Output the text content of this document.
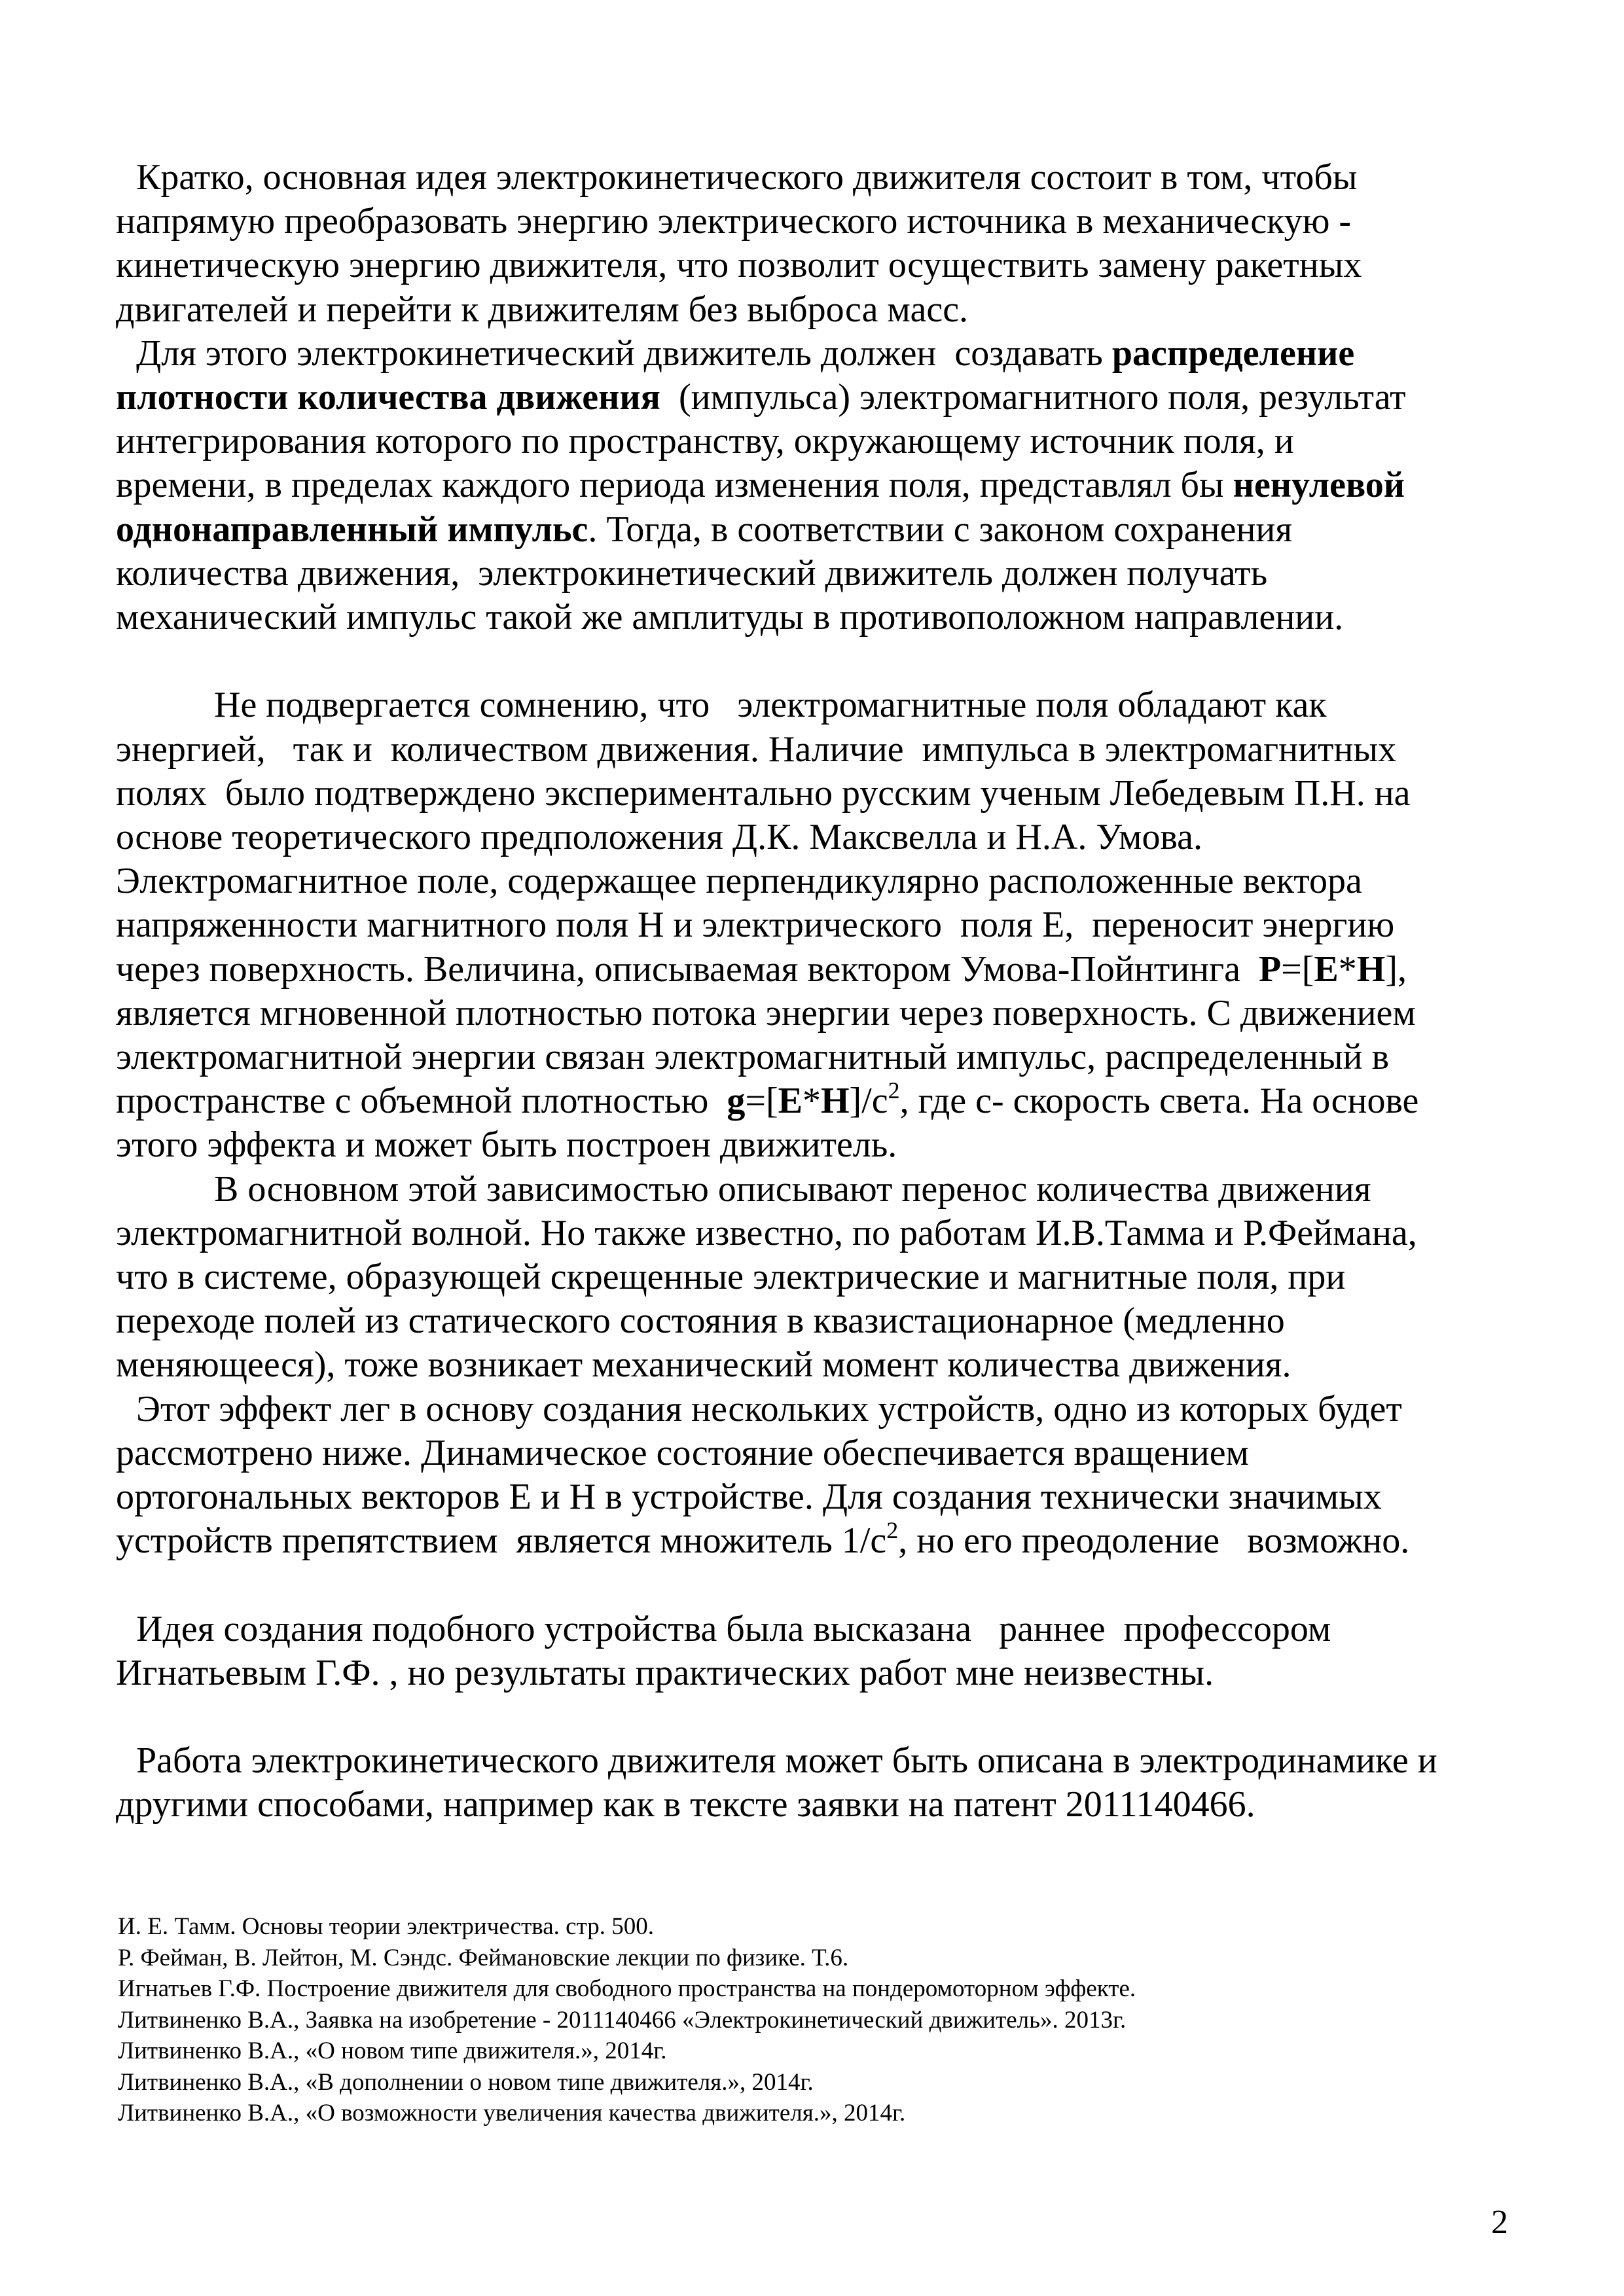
Кратко, основная идея электрокинетического движителя состоит в том, чтобы
напрямую преобразовать энергию электрического источника в механическую -
кинетическую энергию движителя, что позволит осуществить замену ракетных
двигателей и перейти к движителям без выброса масс.
Для этого электрокинетический движитель должен  создавать распределение
плотности количества движения  (импульса) электромагнитного поля, результат
интегрирования которого по пространству, окружающему источник поля, и
времени, в пределах каждого периода изменения поля, представлял бы ненулевой
однонаправленный импульс. Тогда, в соответствии с законом сохранения
количества движения,  электрокинетический движитель должен получать
механический импульс такой же амплитуды в противоположном направлении.
Не подвергается сомнению, что   электромагнитные поля обладают как
энергией,   так и  количеством движения. Наличие  импульса в электромагнитных
полях  было подтверждено экспериментально русским ученым Лебедевым П.Н. на
основе теоретического предположения Д.К. Максвелла и Н.А. Умова.
Электромагнитное поле, содержащее перпендикулярно расположенные вектора
напряженности магнитного поля Н и электрического  поля Е,  переносит энергию
через поверхность. Величина, описываемая вектором Умова-Пойнтинга  P=[E*H],
является мгновенной плотностью потока энергии через поверхность. С движением
электромагнитной энергии связан электромагнитный импульс, распределенный в
пространстве с объемной плотностью  $g=[E*H]/c^2$, где с- скорость света. На основе
этого эффекта и может быть построен движитель.
В основном этой зависимостью описывают перенос количества движения
электромагнитной волной. Но также известно, по работам И.В.Тамма и Р.Феймана,
что в системе, образующей скрещенные электрические и магнитные поля, при
переходе полей из статического состояния в квазистационарное (медленно
меняющееся), тоже возникает механический момент количества движения.
Этот эффект лег в основу создания нескольких устройств, одно из которых будет
рассмотрено ниже. Динамическое состояние обеспечивается вращением
ортогональных векторов Е и Н в устройстве. Для создания технически значимых
устройств препятствием  является множитель $1/с^2$, но его преодоление   возможно.
Идея создания подобного устройства была высказана   раннее  профессором
Игнатьевым Г.Ф. , но результаты практических работ мне неизвестны.
Работа электрокинетического движителя может быть описана в электродинамике и
другими способами, например как в тексте заявки на патент 2011140466.
И. Е. Тамм. Основы теории электричества. стр. 500.
Р. Фейман, В. Лейтон, М. Сэндс. Феймановские лекции по физике. Т.6.
Игнатьев Г.Ф. Построение движителя для свободного пространства на пондеромоторном эффекте.
Литвиненко В.А., Заявка на изобретение - 2011140466 «Электрокинетический движитель». 2013г.
Литвиненко В.А., «О новом типе движителя.», 2014г.
Литвиненко В.А., «В дополнении о новом типе движителя.», 2014г.
Литвиненко В.А., «О возможности увеличения качества движителя.», 2014г.
2
